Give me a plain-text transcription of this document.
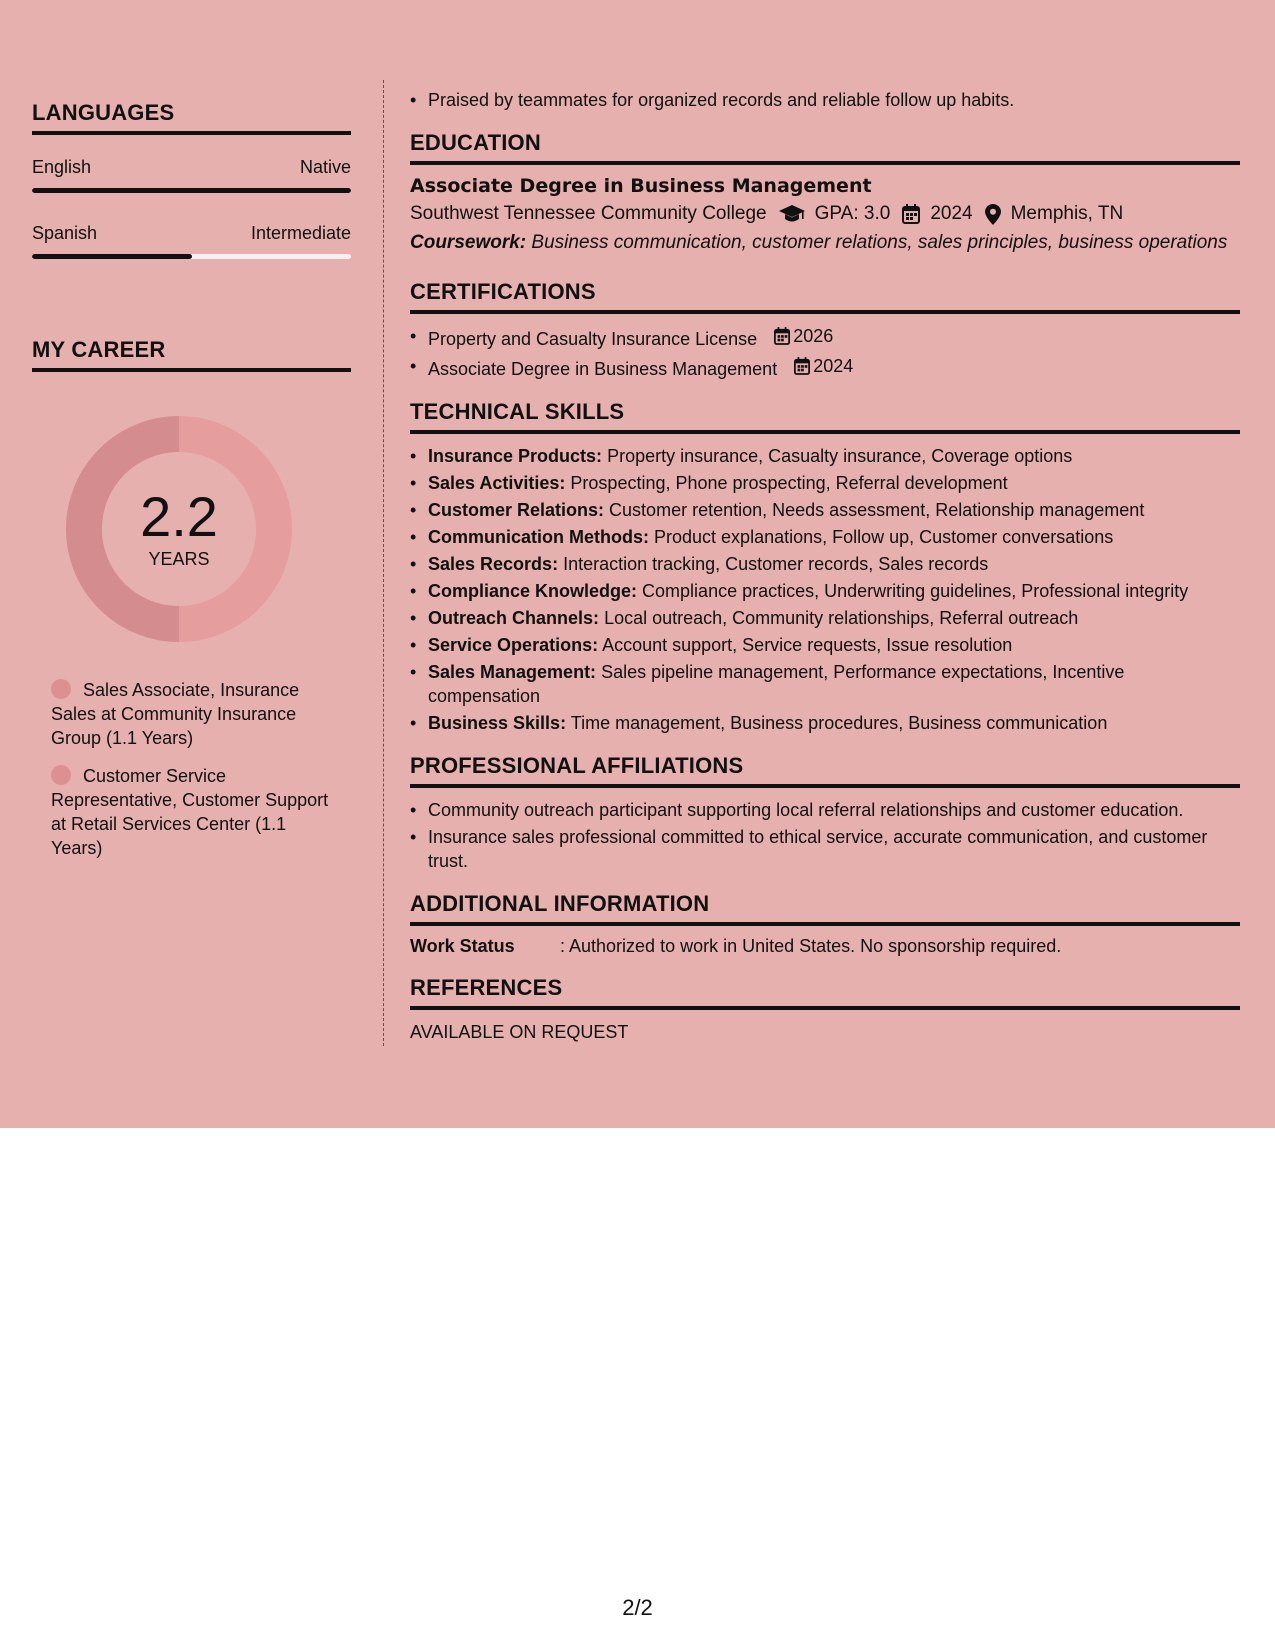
LANGUAGES
English	Native
Spanish	Intermediate
MY CAREER
2.2
YEARS
Sales Associate, Insurance Sales at Community Insurance Group (1.1 Years)
Customer Service Representative, Customer Support at Retail Services Center (1.1 Years)
• Praised by teammates for organized records and reliable follow up habits.
EDUCATION
Associate Degree in Business Management
Southwest Tennessee Community College	GPA: 3.0 2024 Memphis, TN
Coursework: Business communication, customer relations, sales principles, business operations
CERTIFICATIONS
• Property and Casualty Insurance License 2026
• Associate Degree in Business Management 2024
TECHNICAL SKILLS
• Insurance Products: Property insurance, Casualty insurance, Coverage options
• Sales Activities: Prospecting, Phone prospecting, Referral development
• Customer Relations: Customer retention, Needs assessment, Relationship management
• Communication Methods: Product explanations, Follow up, Customer conversations
• Sales Records: Interaction tracking, Customer records, Sales records
• Compliance Knowledge: Compliance practices, Underwriting guidelines, Professional integrity
• Outreach Channels: Local outreach, Community relationships, Referral outreach
• Service Operations: Account support, Service requests, Issue resolution
• Sales Management: Sales pipeline management, Performance expectations, Incentive compensation
• Business Skills: Time management, Business procedures, Business communication
PROFESSIONAL AFFILIATIONS
• Community outreach participant supporting local referral relationships and customer education.
• Insurance sales professional committed to ethical service, accurate communication, and customer trust.
ADDITIONAL INFORMATION
Work Status	: Authorized to work in United States. No sponsorship required.
REFERENCES
AVAILABLE ON REQUEST
2/2
